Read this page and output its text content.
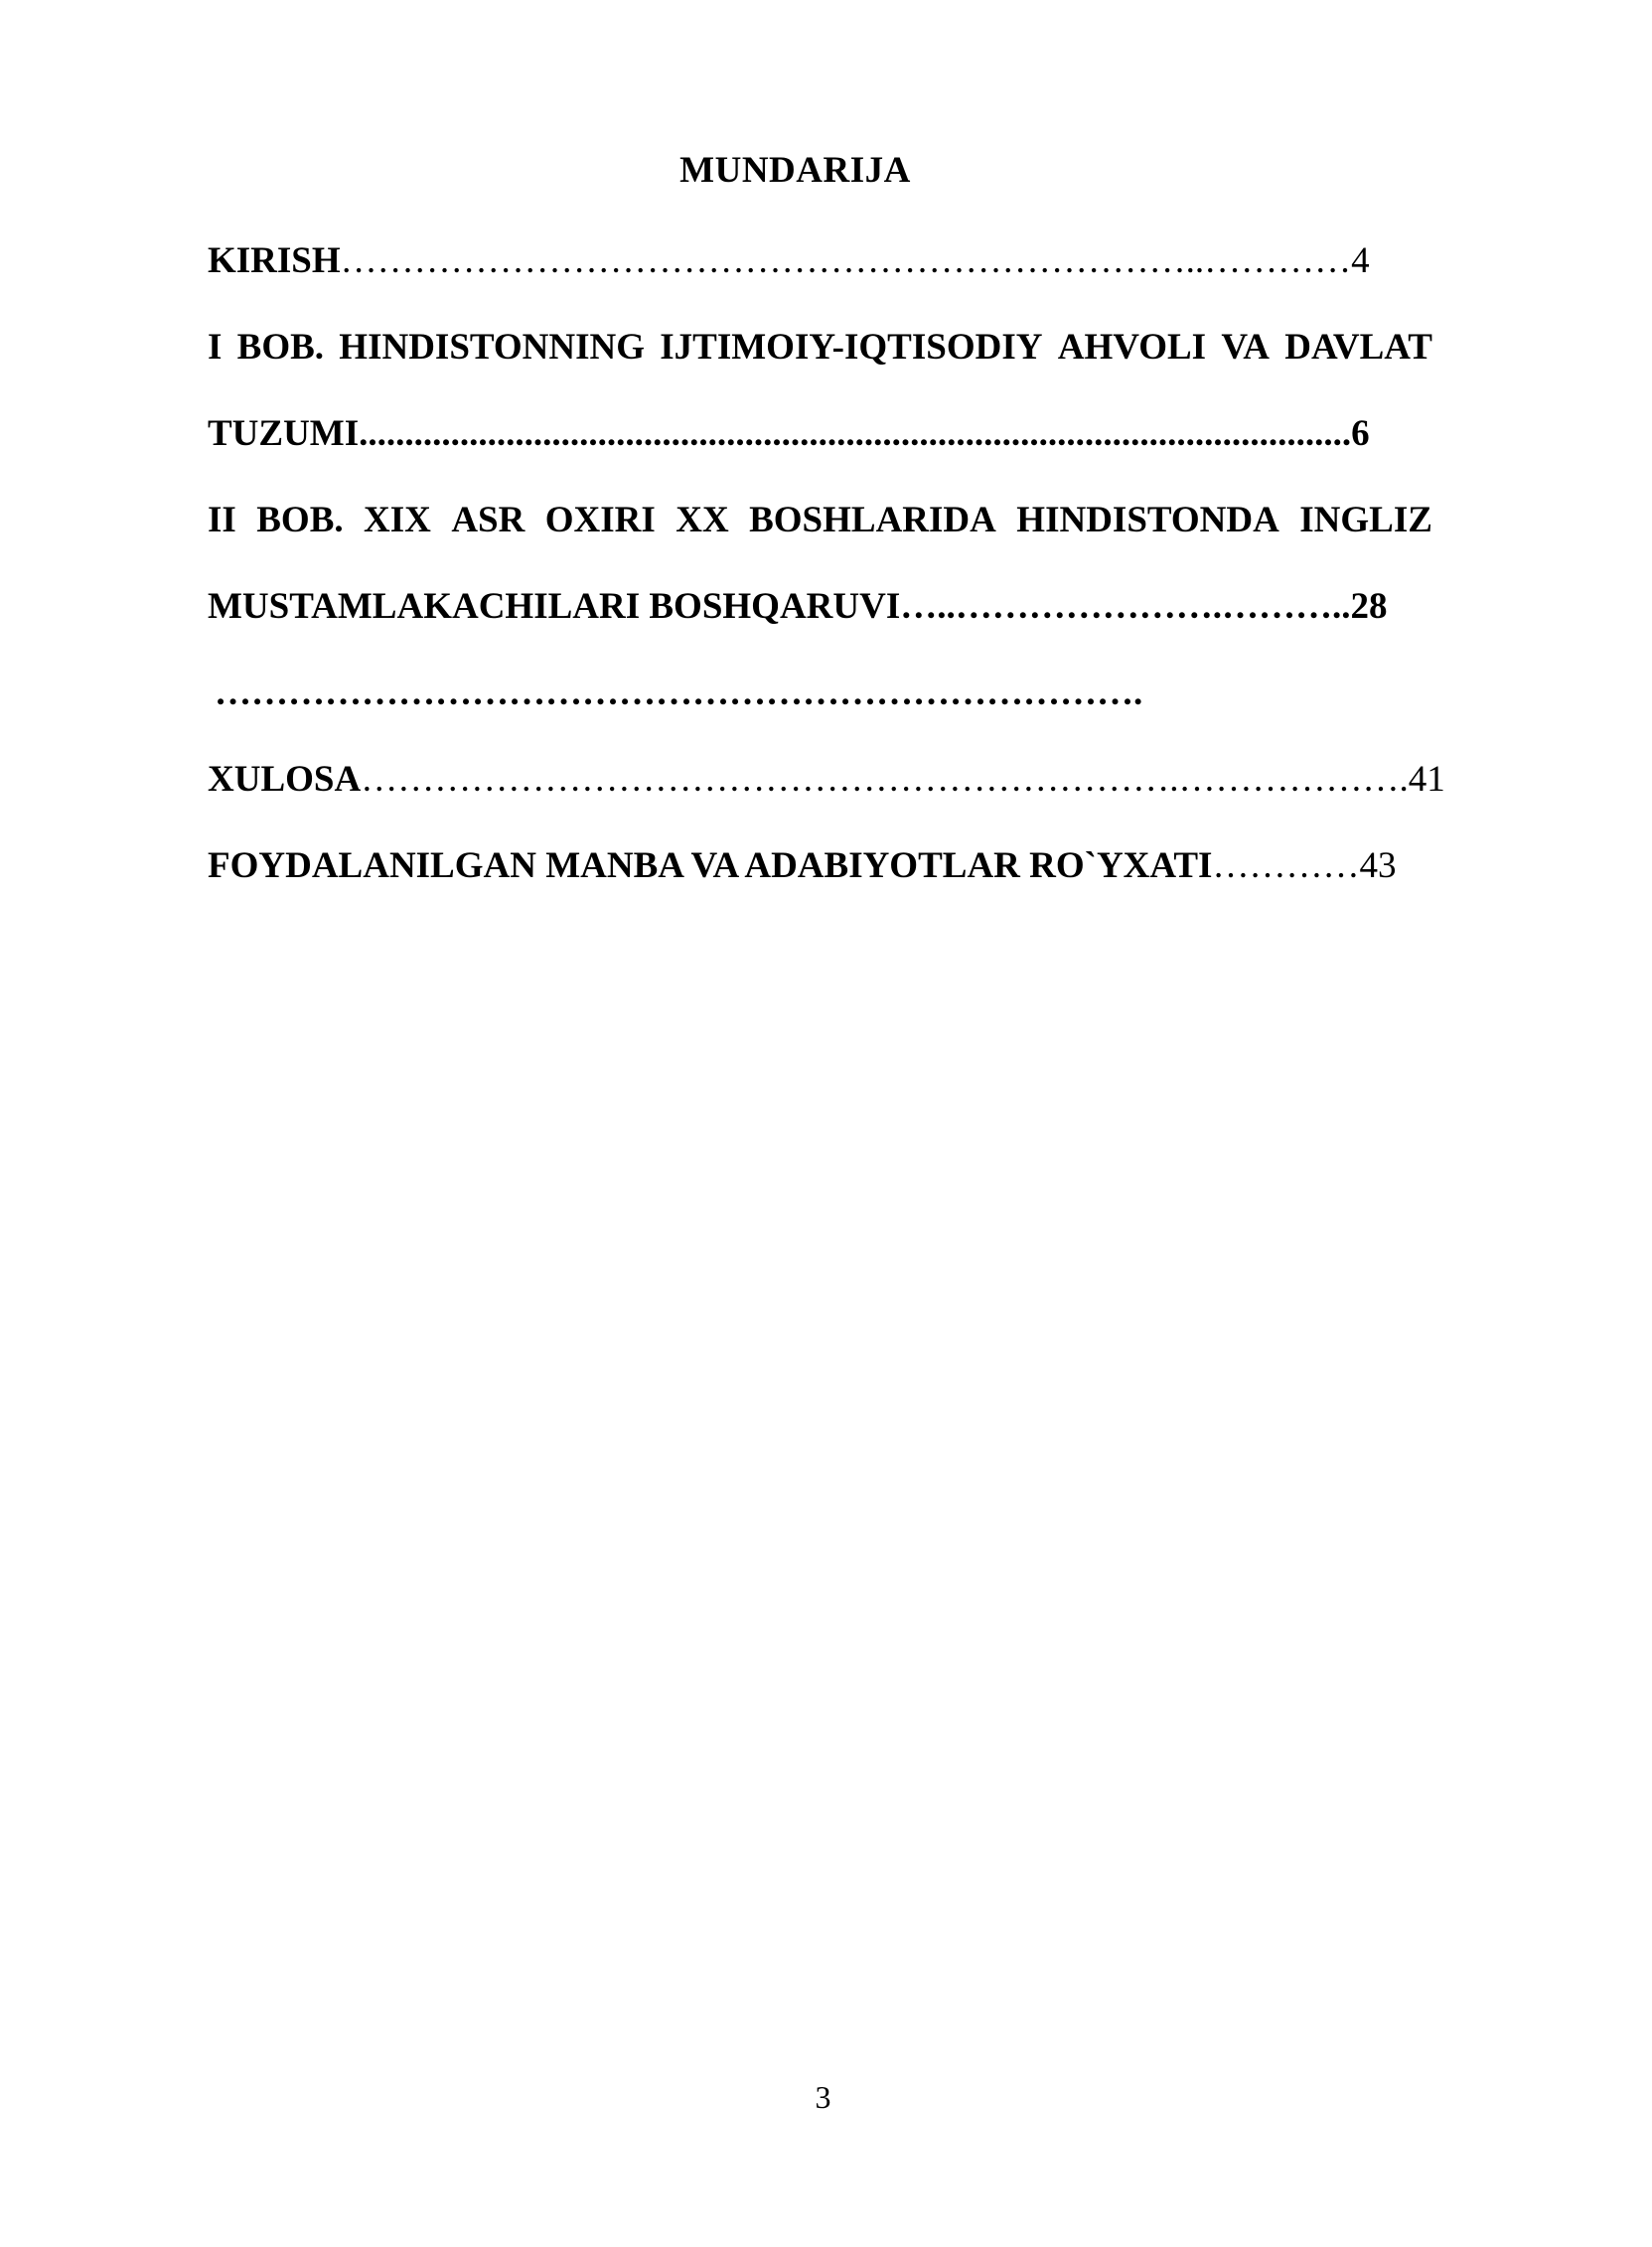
MUNDARIJA
KIRISH……………………………………………………………..…………4
I BOB. HINDISTONNING IJTIMOIY-IQTISODIY AHVOLI VA DAVLAT
TUZUMI............................................................................................................6
II BOB. XIX ASR OXIRI XX BOSHLARIDA HINDISTONDA INGLIZ
MUSTAMLAKACHILARI BOSHQARUVI…..………………….………..28
………………………………………………………………….
XULOSA………………………………………………………….……………….41
FOYDALANILGAN MANBA VA ADABIYOTLAR RO`YXATI…………43
3
